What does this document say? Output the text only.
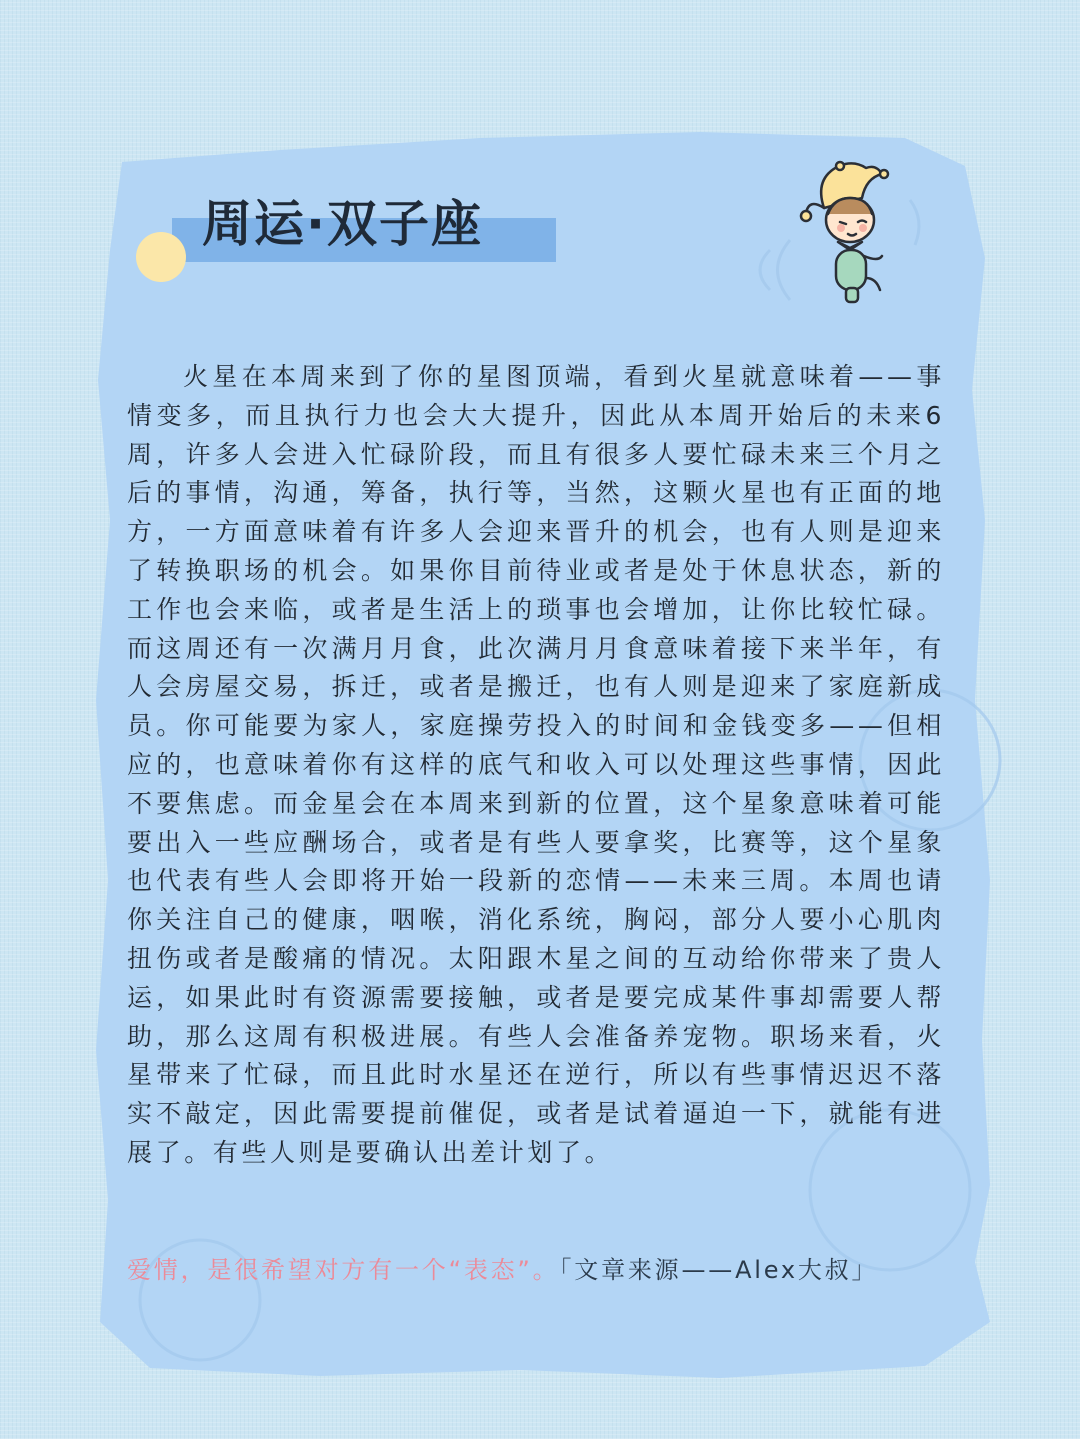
周运·双子座

火星在本周来到了你的星图顶端，看到火星就意味着——事情变多，而且执行力也会大大提升，因此从本周开始后的未来6周，许多人会进入忙碌阶段，而且有很多人要忙碌未来三个月之后的事情，沟通，筹备，执行等，当然，这颗火星也有正面的地方，一方面意味着有许多人会迎来晋升的机会，也有人则是迎来了转换职场的机会。如果你目前待业或者是处于休息状态，新的工作也会来临，或者是生活上的琐事也会增加，让你比较忙碌。而这周还有一次满月月食，此次满月月食意味着接下来半年，有人会房屋交易，拆迁，或者是搬迁，也有人则是迎来了家庭新成员。你可能要为家人，家庭操劳投入的时间和金钱变多——但相应的，也意味着你有这样的底气和收入可以处理这些事情，因此不要焦虑。而金星会在本周来到新的位置，这个星象意味着可能要出入一些应酬场合，或者是有些人要拿奖，比赛等，这个星象也代表有些人会即将开始一段新的恋情——未来三周。本周也请你关注自己的健康，咽喉，消化系统，胸闷，部分人要小心肌肉扭伤或者是酸痛的情况。太阳跟木星之间的互动给你带来了贵人运，如果此时有资源需要接触，或者是要完成某件事却需要人帮助，那么这周有积极进展。有些人会准备养宠物。职场来看，火星带来了忙碌，而且此时水星还在逆行，所以有些事情迟迟不落实不敲定，因此需要提前催促，或者是试着逼迫一下，就能有进展了。有些人则是要确认出差计划了。

爱情，是很希望对方有一个“表态”。「文章来源——Alex大叔」
